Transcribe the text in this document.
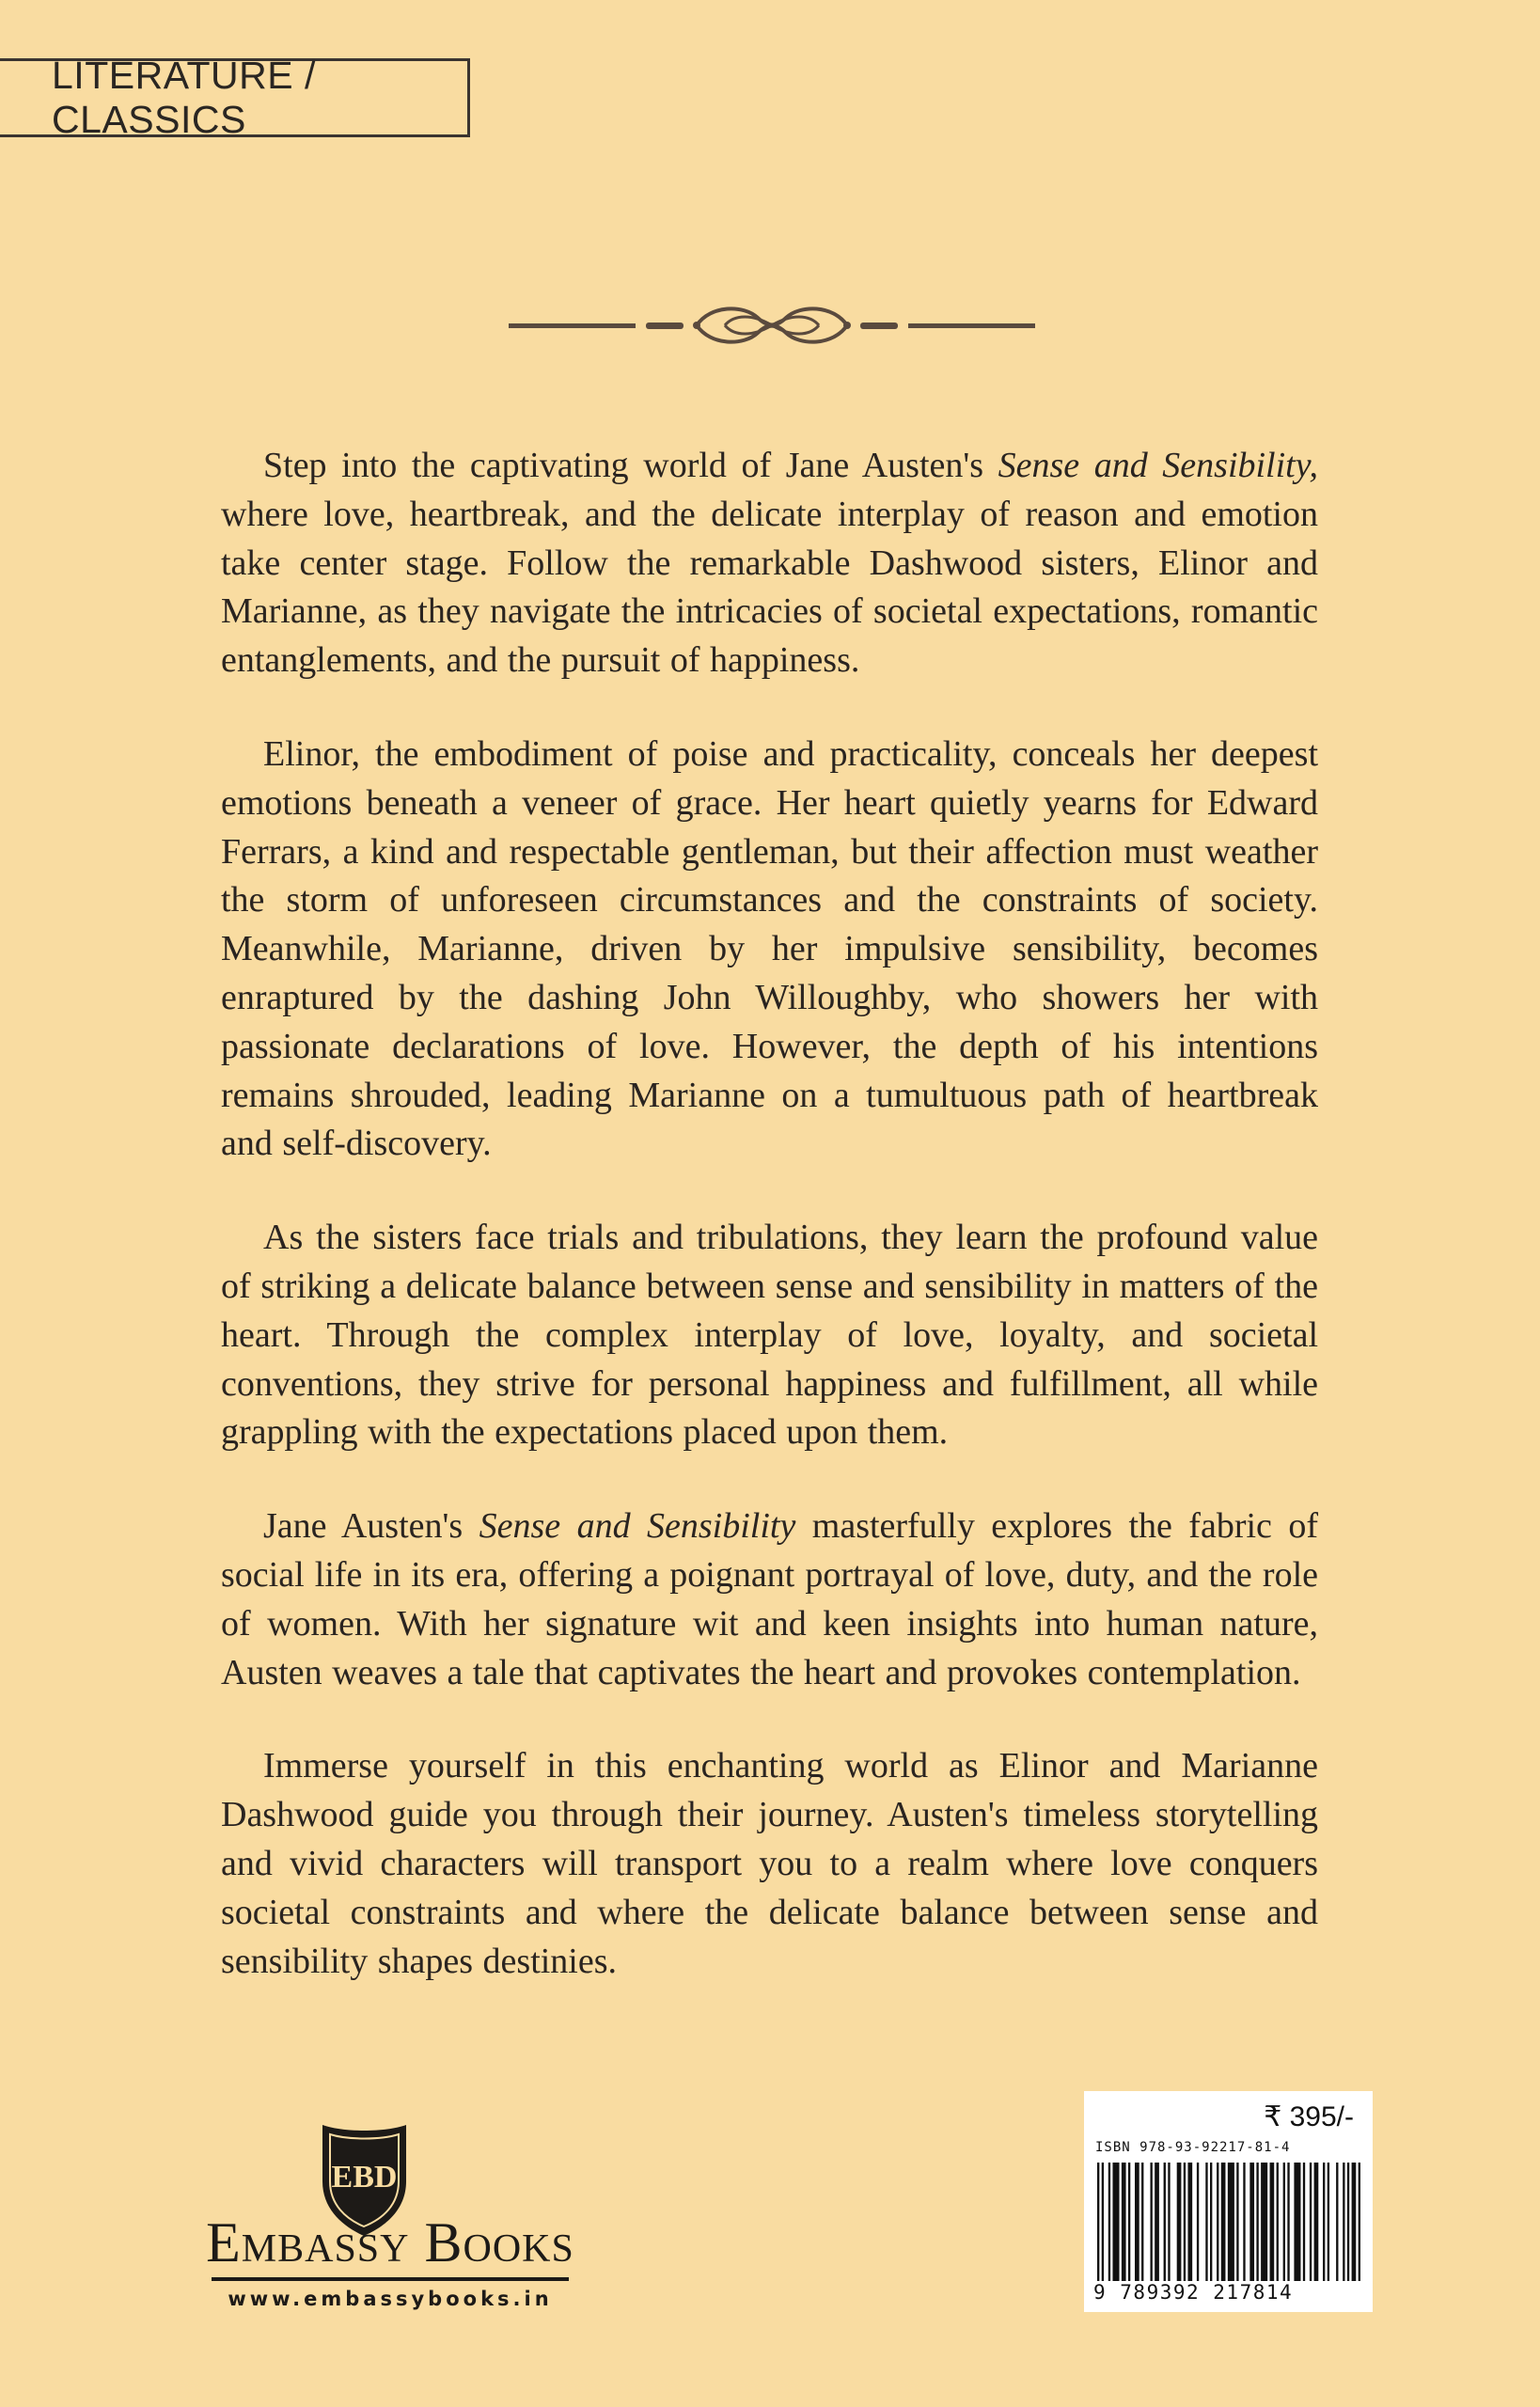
LITERATURE / CLASSICS

Step into the captivating world of Jane Austen's Sense and Sensibility, where love, heartbreak, and the delicate interplay of reason and emotion take center stage. Follow the remarkable Dashwood sisters, Elinor and Marianne, as they navigate the intricacies of societal expectations, romantic entanglements, and the pursuit of happiness.

Elinor, the embodiment of poise and practicality, conceals her deepest emotions beneath a veneer of grace. Her heart quietly yearns for Edward Ferrars, a kind and respectable gentleman, but their affection must weather the storm of unforeseen circumstances and the constraints of society. Meanwhile, Marianne, driven by her impulsive sensibility, becomes enraptured by the dashing John Willoughby, who showers her with passionate declarations of love. However, the depth of his intentions remains shrouded, leading Marianne on a tumultuous path of heartbreak and self-discovery.

As the sisters face trials and tribulations, they learn the profound value of striking a delicate balance between sense and sensibility in matters of the heart. Through the complex interplay of love, loyalty, and societal conventions, they strive for personal happiness and fulfillment, all while grappling with the expectations placed upon them.

Jane Austen's Sense and Sensibility masterfully explores the fabric of social life in its era, offering a poignant portrayal of love, duty, and the role of women. With her signature wit and keen insights into human nature, Austen weaves a tale that captivates the heart and provokes contemplation.

Immerse yourself in this enchanting world as Elinor and Marianne Dashwood guide you through their journey. Austen's timeless storytelling and vivid characters will transport you to a realm where love conquers societal constraints and where the delicate balance between sense and sensibility shapes destinies.

EBD
Embassy Books
www.embassybooks.in
₹ 395/-
ISBN 978-93-92217-81-4
9 789392 217814
